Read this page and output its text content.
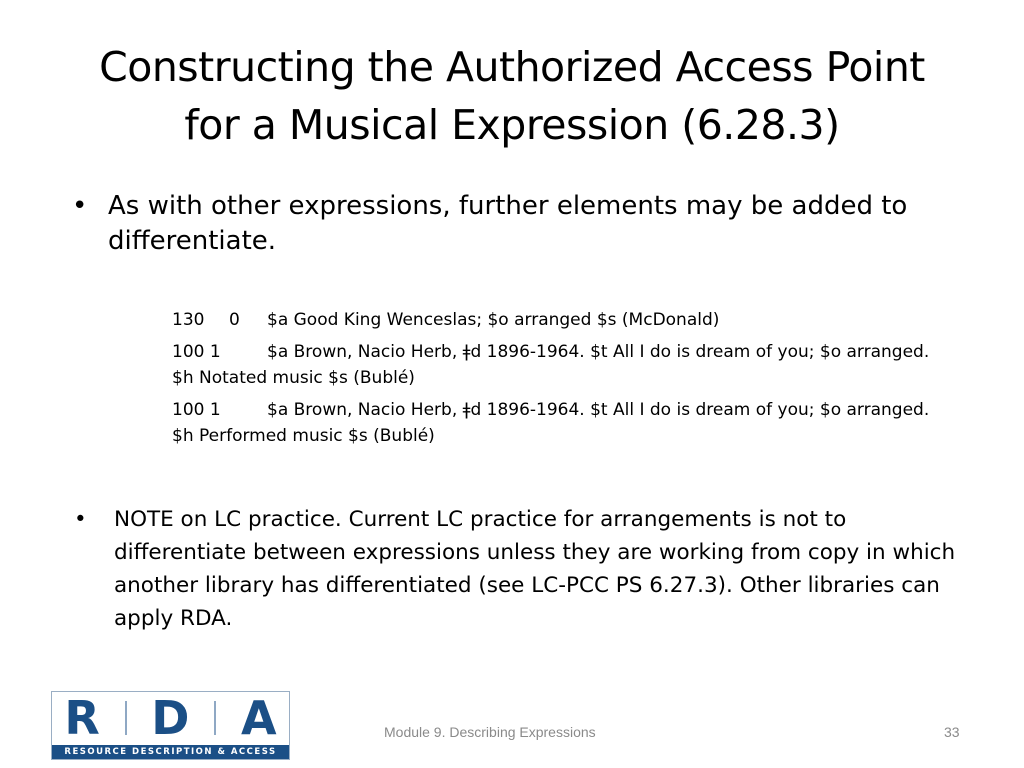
Constructing the Authorized Access Point
for a Musical Expression (6.28.3)
• As with other expressions, further elements may be added to differentiate.
130 0 $a Good King Wenceslas; $o arranged $s (McDonald)
100 1	$a Brown, Nacio Herb, ǂd 1896-1964. $t All I do is dream of you; $o arranged. $h Notated music $s (Bublé)
100 1	$a Brown, Nacio Herb, ǂd 1896-1964. $t All I do is dream of you; $o arranged. $h Performed music $s (Bublé)
•	NOTE on LC practice. Current LC practice for arrangements is not to differentiate between expressions unless they are working from copy in which another library has differentiated (see LC-PCC PS 6.27.3). Other libraries can apply RDA.
R D A
RESOURCE DESCRIPTION & ACCESS
Module 9. Describing Expressions	33
